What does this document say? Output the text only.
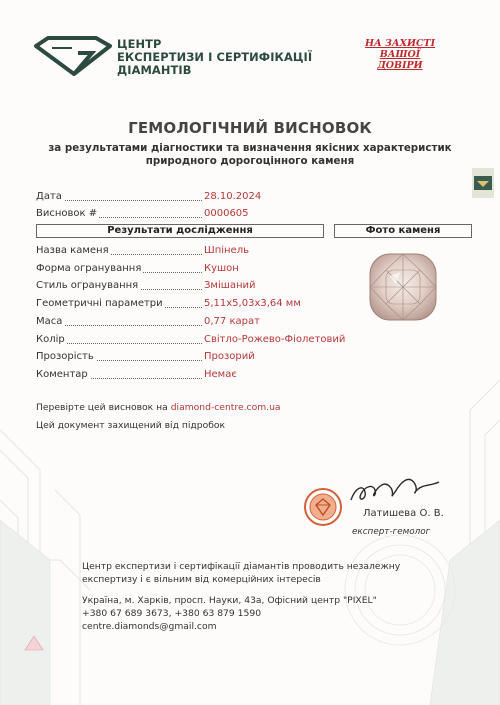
ЦЕНТР
ЕКСПЕРТИЗИ І СЕРТИФІКАЦІЇ
ДІАМАНТІВ
НА ЗАХИСТІ
ВАШОЇ
ДОВІРИ
ГЕМОЛОГІЧНИЙ ВИСНОВОК
за результатами діагностики та визначення якісних характеристик
природного дорогоцінного каменя
Дата	28.10.2024
Висновок #	0000605
Результати дослідження	Фото каменя
Назва каменя	Шпінель
Форма огранування	Кушон
Стиль огранування	Змішаний
Геометричні параметри	5,11х5,03х3,64 мм
Маса	0,77 карат
Колір	Світло-Рожево-Фіолетовий
Прозорість	Прозорий
Коментар	Немає
Перевірте цей висновок на diamond-centre.com.ua
Цей документ захищений від підробок
Латишева О. В.
експерт-гемолог
Центр експертизи і сертифікації діамантів проводить незалежну
експертизу і є вільним від комерційних інтересів
Україна, м. Харків, просп. Науки, 43а, Офісний центр "PIXEL"
+380 67 689 3673, +380 63 879 1590
centre.diamonds@gmail.com
